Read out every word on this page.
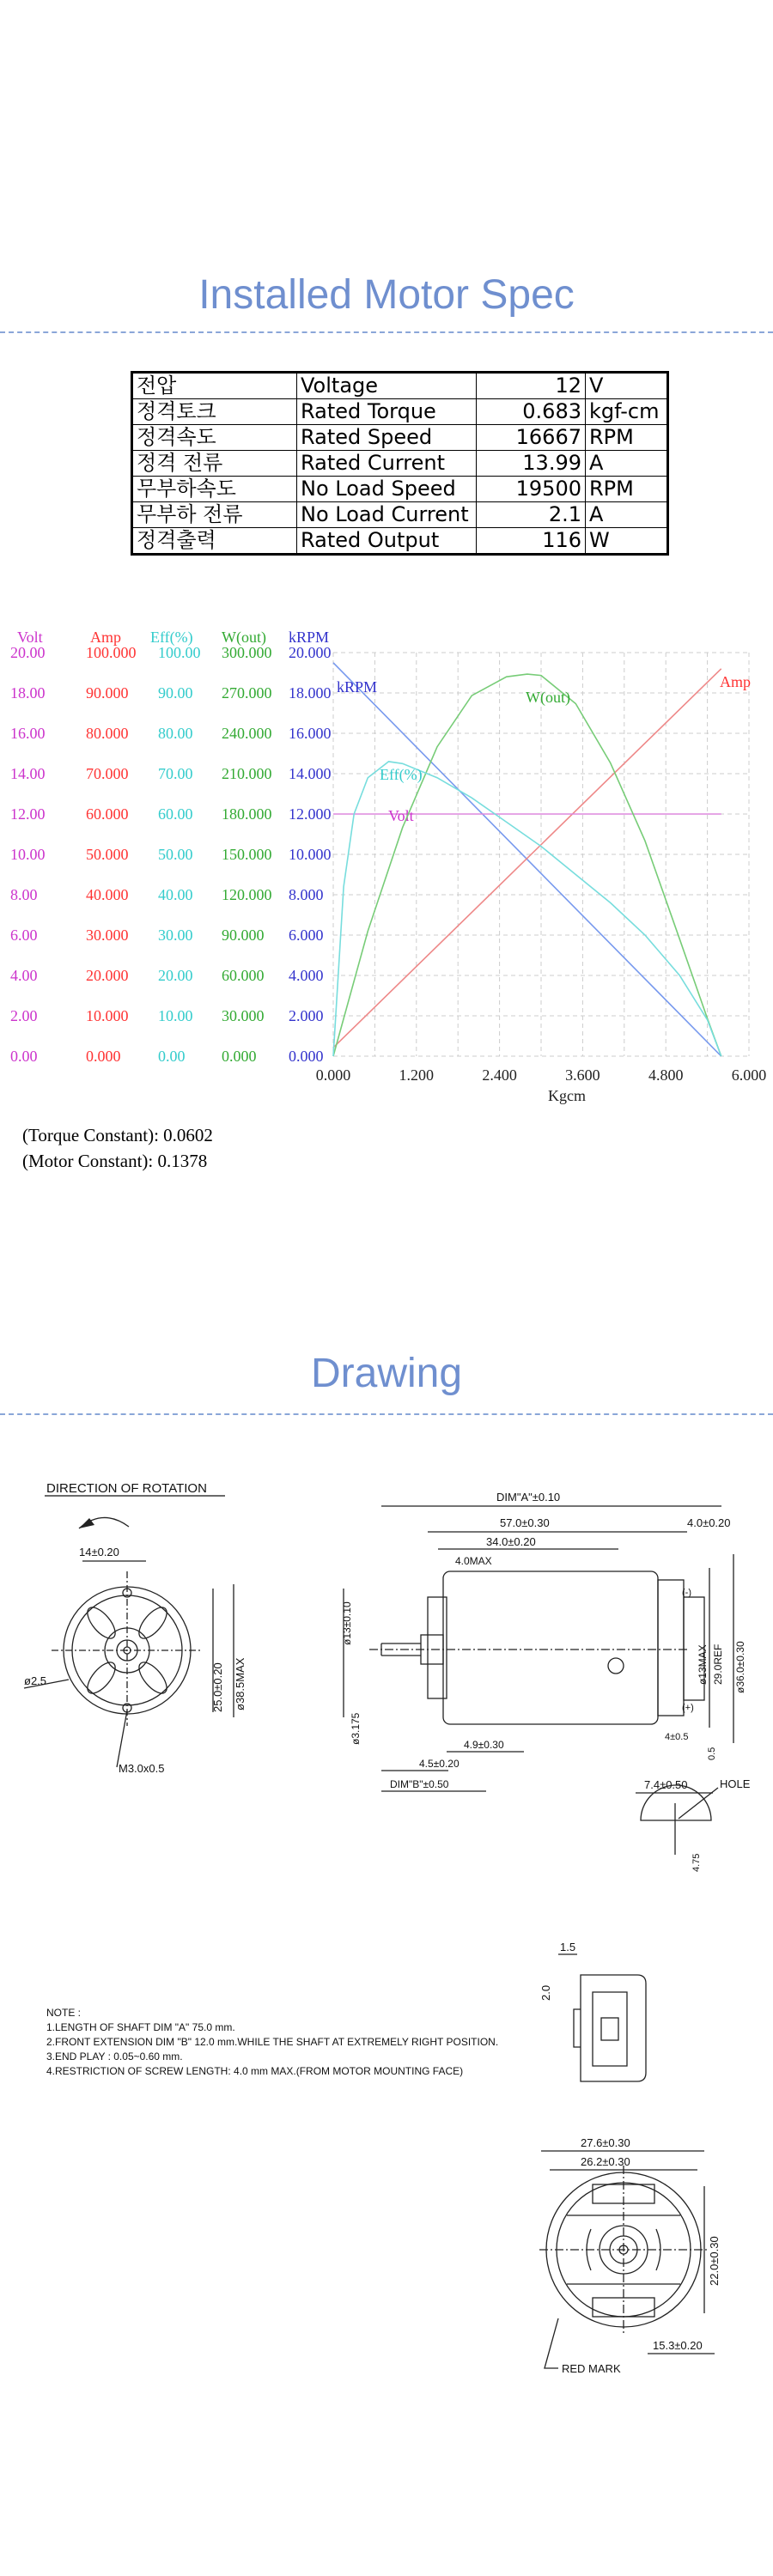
Installed Motor Spec
전압	Voltage	12	V
정격토크	Rated Torque	0.683	kgf-cm
정격속도	Rated Speed	16667	RPM
정격 전류	Rated Current	13.99	A
무부하속도	No Load Speed	19500	RPM
무부하 전류	No Load Current	2.1	A
정격출력	Rated Output	116	W
Volt
0.00
2.00
4.00
6.00
8.00
10.00
12.00
14.00
16.00
18.00
20.00
Amp
0.000
10.000
20.000
30.000
40.000
50.000
60.000
70.000
80.000
90.000
100.000
Eff(%)
0.00
10.00
20.00
30.00
40.00
50.00
60.00
70.00
80.00
90.00
100.00
W(out)
0.000
30.000
60.000
90.000
120.000
150.000
180.000
210.000
240.000
270.000
300.000
kRPM
0.000
2.000
4.000
6.000
8.000
10.000
12.000
14.000
16.000
18.000
20.000
0.000	1.200	2.400	3.600	4.800	6.000
Kgcm
kRPM	Amp
Volt
W(out)
Eff(%)
(Torque Constant): 0.0602
(Motor Constant): 0.1378
Drawing
DIRECTION OF ROTATION
14±0.20
25.0±0.20 ø38.5MAX
ø2.5
M3.0x0.5
DIM"A"±0.10
57.0±0.30
34.0±0.20
4.0MAX
4.0±0.20
(-)
(+)
ø13MAX 29.0REF ø36.0±0.30
ø13±0.10
ø3.175	4.9±0.30
4.5±0.20
DIM"B"±0.50
4±0.5
0.5
7.4±0.50	HOLE
4.75
NOTE :
1.LENGTH OF SHAFT DIM "A" 75.0 mm.
2.FRONT EXTENSION DIM "B" 12.0 mm.WHILE THE SHAFT AT EXTREMELY RIGHT POSITION.
3.END PLAY : 0.05~0.60 mm.
4.RESTRICTION OF SCREW LENGTH: 4.0 mm MAX.(FROM MOTOR MOUNTING FACE)
1.5
2.0
27.6±0.30
26.2±0.30
22.0±0.30
15.3±0.20
RED MARK
